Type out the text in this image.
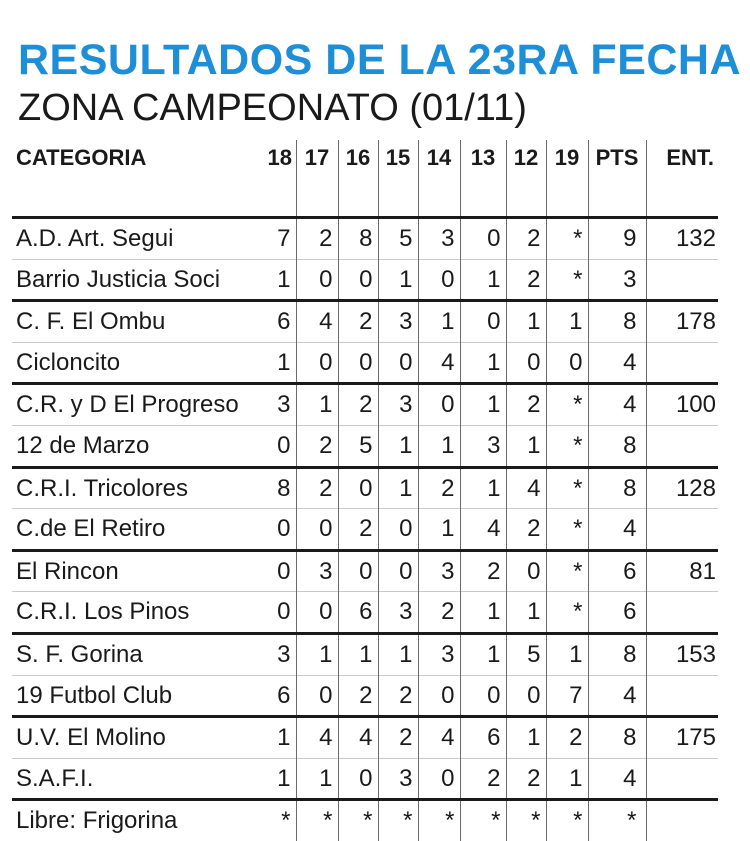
RESULTADOS DE LA 23RA FECHA
ZONA CAMPEONATO (01/11)
CATEGORIA	18	17	16	15	14	13	12	19	PTS	ENT.
A.D. Art. Segui	7	2	8	5	3	0	2	*	9	132
Barrio Justicia Soci	1	0	0	1	0	1	2	*	3	
C. F. El Ombu	6	4	2	3	1	0	1	1	8	178
Cicloncito	1	0	0	0	4	1	0	0	4	
C.R. y D El Progreso	3	1	2	3	0	1	2	*	4	100
12 de Marzo	0	2	5	1	1	3	1	*	8	
C.R.I. Tricolores	8	2	0	1	2	1	4	*	8	128
C.de El Retiro	0	0	2	0	1	4	2	*	4	
El Rincon	0	3	0	0	3	2	0	*	6	81
C.R.I. Los Pinos	0	0	6	3	2	1	1	*	6	
S. F. Gorina	3	1	1	1	3	1	5	1	8	153
19 Futbol Club	6	0	2	2	0	0	0	7	4	
U.V. El Molino	1	4	4	2	4	6	1	2	8	175
S.A.F.I.	1	1	0	3	0	2	2	1	4	
Libre: Frigorina	*	*	*	*	*	*	*	*	*	
